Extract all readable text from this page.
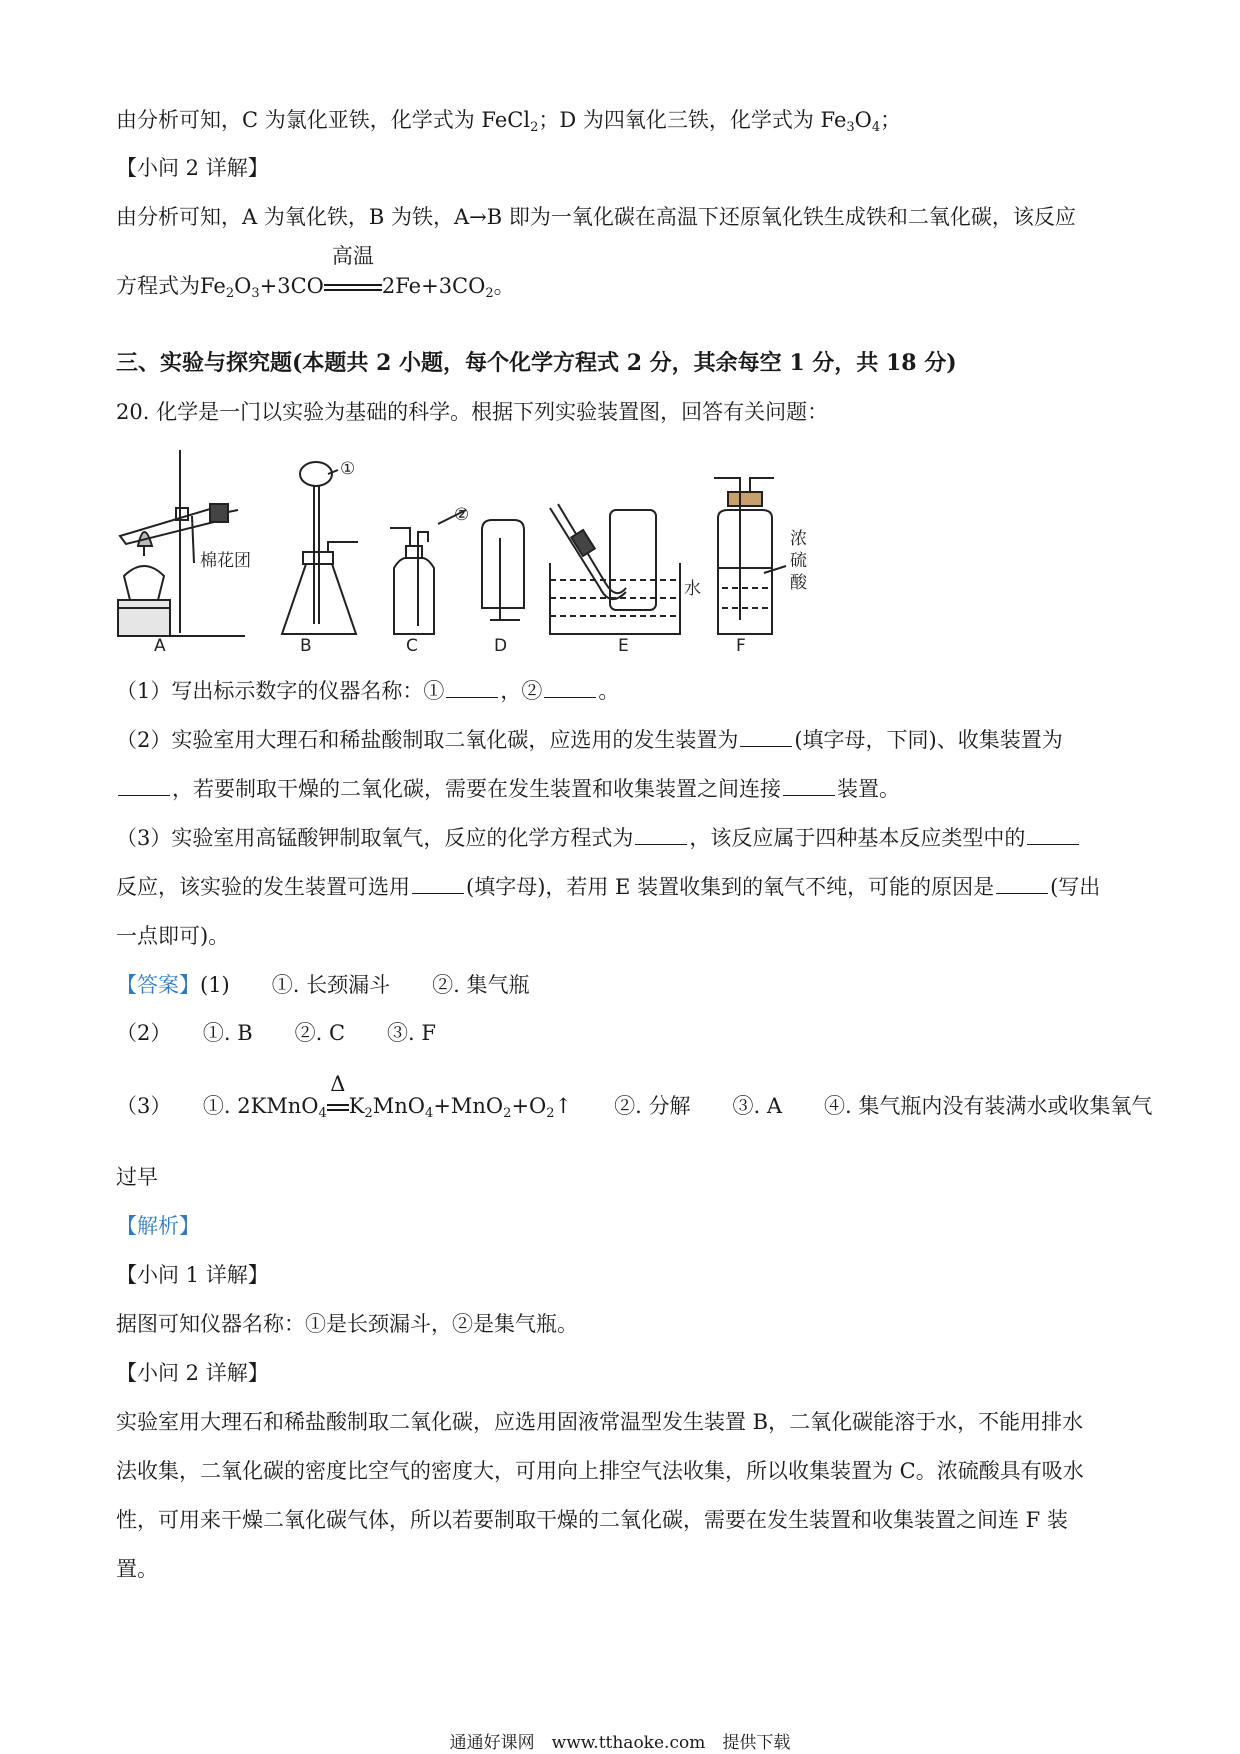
由分析可知，C 为氯化亚铁，化学式为 FeCl$_2$；D 为四氧化三铁，化学式为 $Fe_3O_4$；
【小问 2 详解】
由分析可知，A 为氧化铁，B 为铁，A→B 即为一氧化碳在高温下还原氧化铁生成铁和二氧化碳，该反应
方程式为$Fe_2O_3+3CO$
高温
$2Fe+3CO_2$。
三、实验与探究题(本题共 2 小题，每个化学方程式 2 分，其余每空 1 分，共 18 分)
20. 化学是一门以实验为基础的科学。根据下列实验装置图，回答有关问题：
棉花团
①
②
水
浓
硫
酸
A	B	C	D	E	F
（1）写出标示数字的仪器名称：①	，②	。
（2）实验室用大理石和稀盐酸制取二氧化碳，应选用的发生装置为	(填字母，下同)、收集装置为
，若要制取干燥的二氧化碳，需要在发生装置和收集装置之间连接	装置。
（3）实验室用高锰酸钾制取氧气，反应的化学方程式为	，该反应属于四种基本反应类型中的
反应，该实验的发生装置可选用	(填字母)，若用 E 装置收集到的氧气不纯，可能的原因是	(写出
一点即可)。
【答案】(1)　　①. 长颈漏斗　　②. 集气瓶
（2）　　①. B　　②. C　　③. F
（3）　　①. 2KMnO$_4$
Δ
$K_2MnO_4+MnO_2+O_2↑$　　②. 分解　　③. A　　④. 集气瓶内没有装满水或收集氧气
过早
【解析】
【小问 1 详解】
据图可知仪器名称：①是长颈漏斗，②是集气瓶。
【小问 2 详解】
实验室用大理石和稀盐酸制取二氧化碳，应选用固液常温型发生装置 B，二氧化碳能溶于水，不能用排水
法收集，二氧化碳的密度比空气的密度大，可用向上排空气法收集，所以收集装置为 C。浓硫酸具有吸水
性，可用来干燥二氧化碳气体，所以若要制取干燥的二氧化碳，需要在发生装置和收集装置之间连 F 装
置。
通通好课网　www.tthaoke.com　提供下载
